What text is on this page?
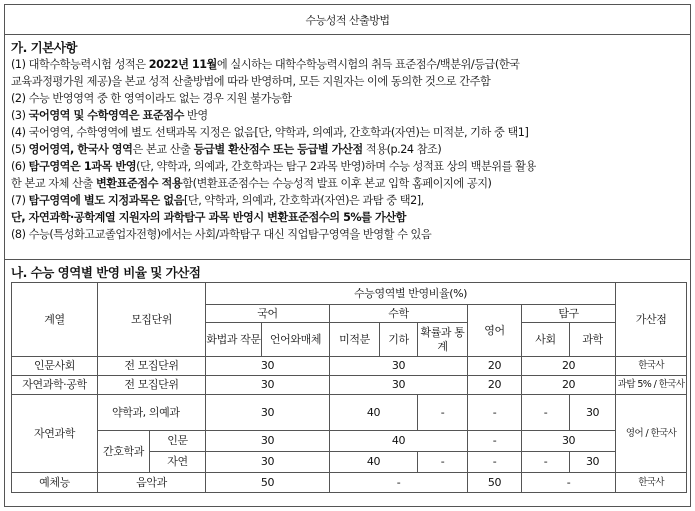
수능성적 산출방법
가. 기본사항
(1) 대학수학능력시험 성적은 2022년 11월에 실시하는 대학수학능력시험의 취득 표준점수/백분위/등급(한국
교육과정평가원 제공)을 본교 성적 산출방법에 따라 반영하며, 모든 지원자는 이에 동의한 것으로 간주함
(2) 수능 반영영역 중 한 영역이라도 없는 경우 지원 불가능함
(3) 국어영역 및 수학영역은 표준점수 반영
(4) 국어영역, 수학영역에 별도 선택과목 지정은 없음[단, 약학과, 의예과, 간호학과(자연)는 미적분, 기하 중 택1]
(5) 영어영역, 한국사 영역은 본교 산출 등급별 환산점수 또는 등급별 가산점 적용(p.24 참조)
(6) 탐구영역은 1과목 반영(단, 약학과, 의예과, 간호학과는 탐구 2과목 반영)하며 수능 성적표 상의 백분위를 활용
한 본교 자체 산출 변환표준점수 적용함(변환표준점수는 수능성적 발표 이후 본교 입학 홈페이지에 공지)
(7) 탐구영역에 별도 지정과목은 없음[단, 약학과, 의예과, 간호학과(자연)은 과탐 중 택2],
단, 자연과학·공학계열 지원자의 과학탐구 과목 반영시 변환표준점수의 5%를 가산함
(8) 수능(특성화고교졸업자전형)에서는 사회/과학탐구 대신 직업탐구영역을 반영할 수 있음
나. 수능 영역별 반영 비율 및 가산점
계열	모집단위		수능영역별 반영비율(%)								가산점
			국어		수학			영어	탐구		
			화법과 작문	언어와매체	미적분	기하	확률과 통계		사회	과학	
인문사회	전 모집단위		30		30			20	20		한국사
자연과학·공학	전 모집단위		30		30			20	20		과탐 5% / 한국사
자연과학	약학과, 의예과		30		40		-	-	-	30	영어 / 한국사
	간호학과	인문	30		40			-	30		
		자연	30		40		-	-	-	30	
예체능	음악과		50		-			50	-		한국사
